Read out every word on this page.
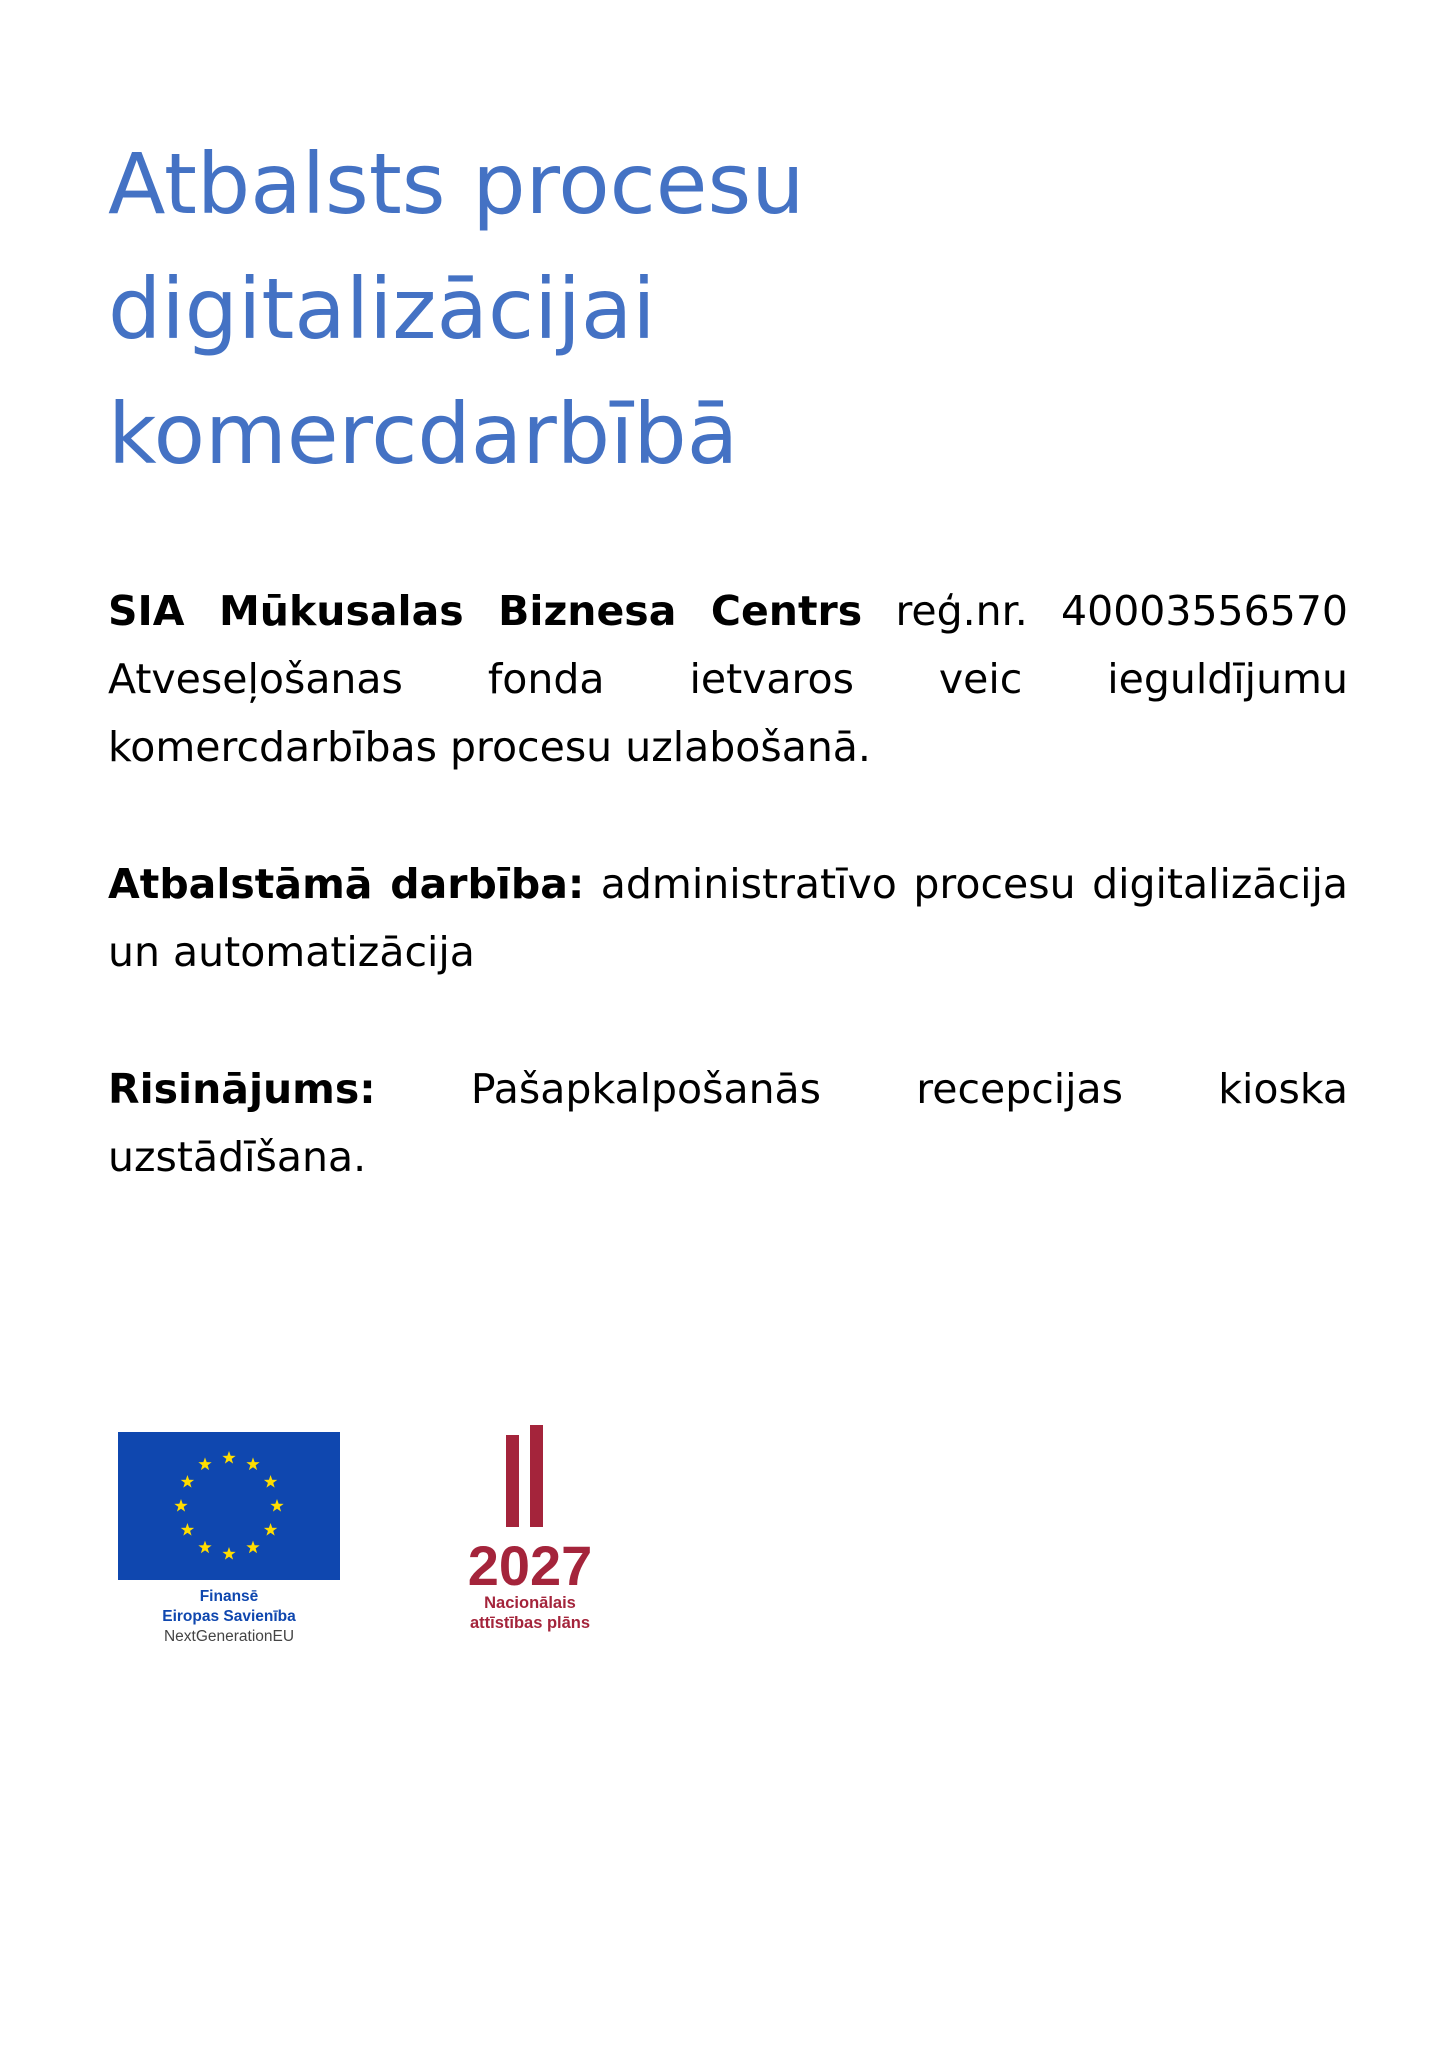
Atbalsts procesu
digitalizācijai
komercdarbībā

SIA Mūkusalas Biznesa Centrs reģ.nr. 40003556570 Atveseļošanas fonda ietvaros veic ieguldījumu komercdarbības procesu uzlabošanā.

Atbalstāmā darbība: administratīvo procesu digitalizācija un automatizācija

Risinājums: Pašapkalpošanās recepcijas kioska uzstādīšana.

Finansē
Eiropas Savienība
NextGenerationEU
2027
Nacionālais
attīstības plāns
